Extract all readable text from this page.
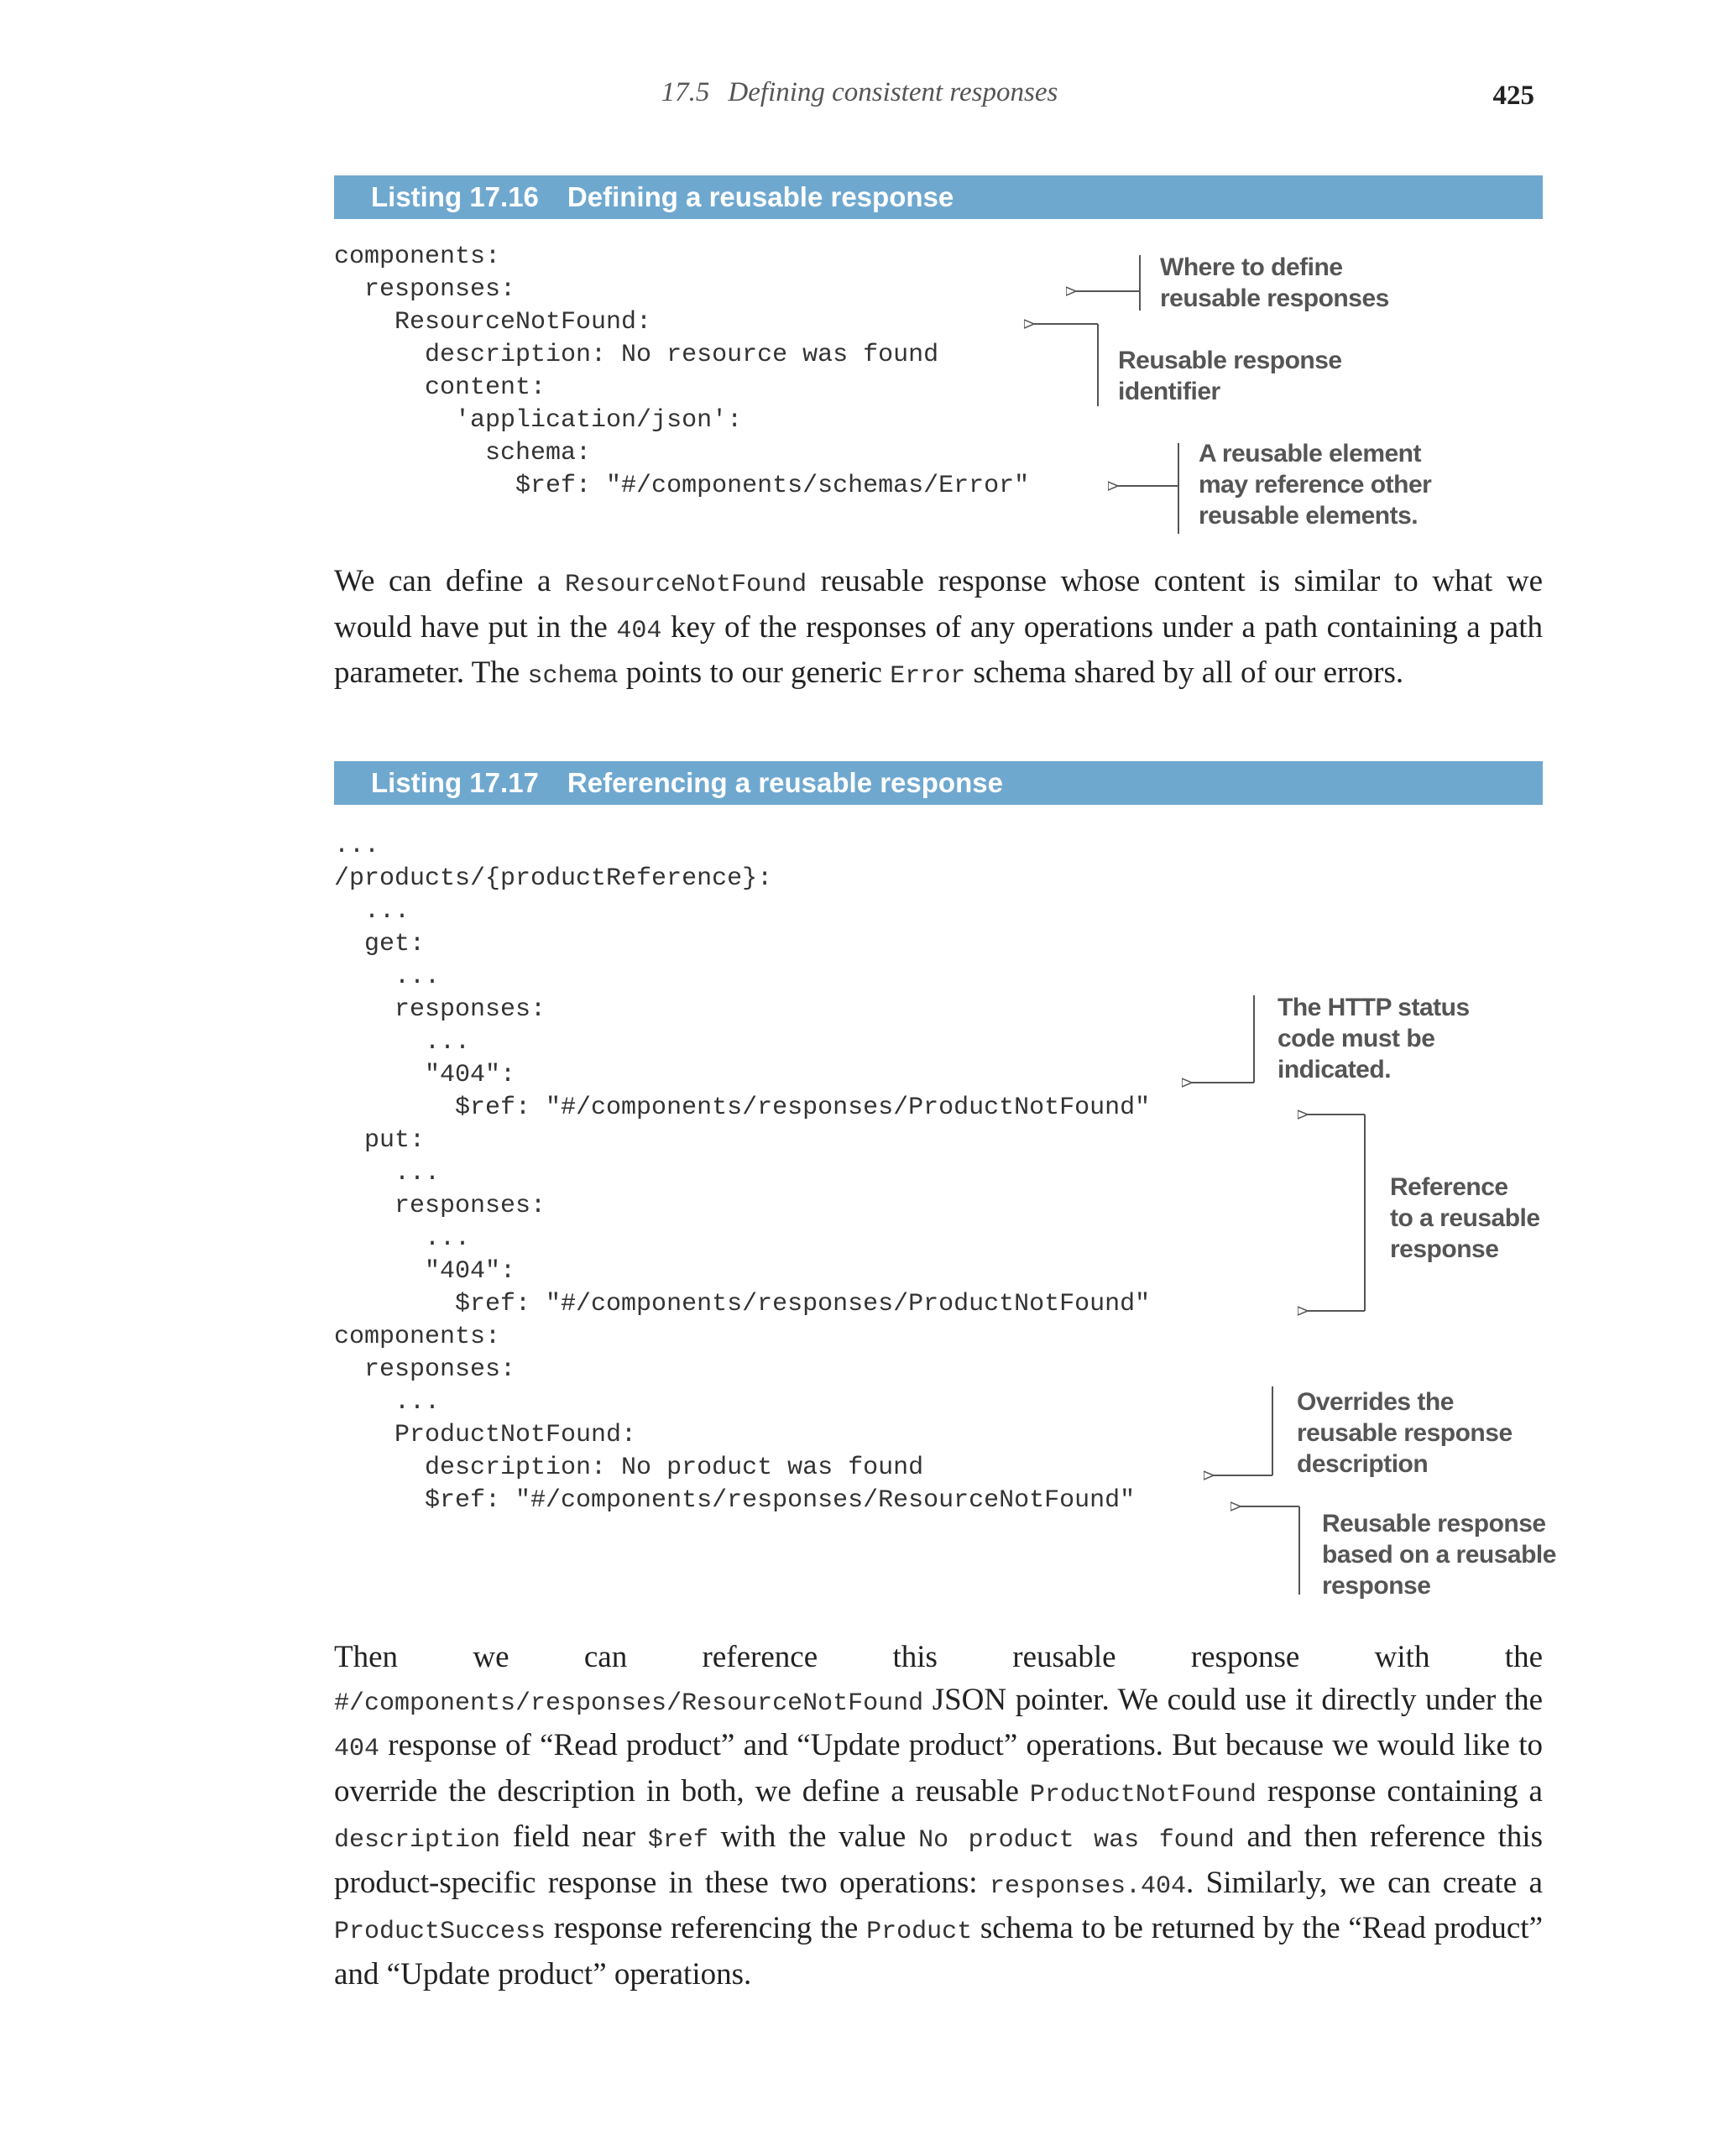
17.5 Defining consistent responses	425
Listing 17.16 Defining a reusable response
components:
responses:
ResourceNotFound:
description: No resource was found
content:
'application/json':
schema:
$ref: "#/components/schemas/Error"
Where to define
reusable responses
Reusable response
identifier
A reusable element
may reference other
reusable elements.
We can define a ResourceNotFound reusable response whose content is similar to what we would have put in the 404 key of the responses of any operations under a path containing a path parameter. The schema points to our generic Error schema shared by all of our errors.
Listing 17.17 Referencing a reusable response
...
/products/{productReference}:
...
get:
...
responses:
...
"404":
$ref: "#/components/responses/ProductNotFound"
put:
...
responses:
...
"404":
$ref: "#/components/responses/ProductNotFound"
components:
responses:
...
ProductNotFound:
description: No product was found
$ref: "#/components/responses/ResourceNotFound"
The HTTP status
code must be
indicated.
Reference
to a reusable
response
Overrides the
reusable response
description
Reusable response
based on a reusable
response
Then we can reference this reusable response with the #/components/responses/ResourceNotFound JSON pointer. We could use it directly under the 404 response of “Read product” and “Update product” operations. But because we would like to override the description in both, we define a reusable ProductNotFound response containing a description field near $ref with the value No product was found and then reference this product-specific response in these two operations: responses.404. Similarly, we can create a ProductSuccess response referencing the Product schema to be returned by the “Read product” and “Update product” operations.
